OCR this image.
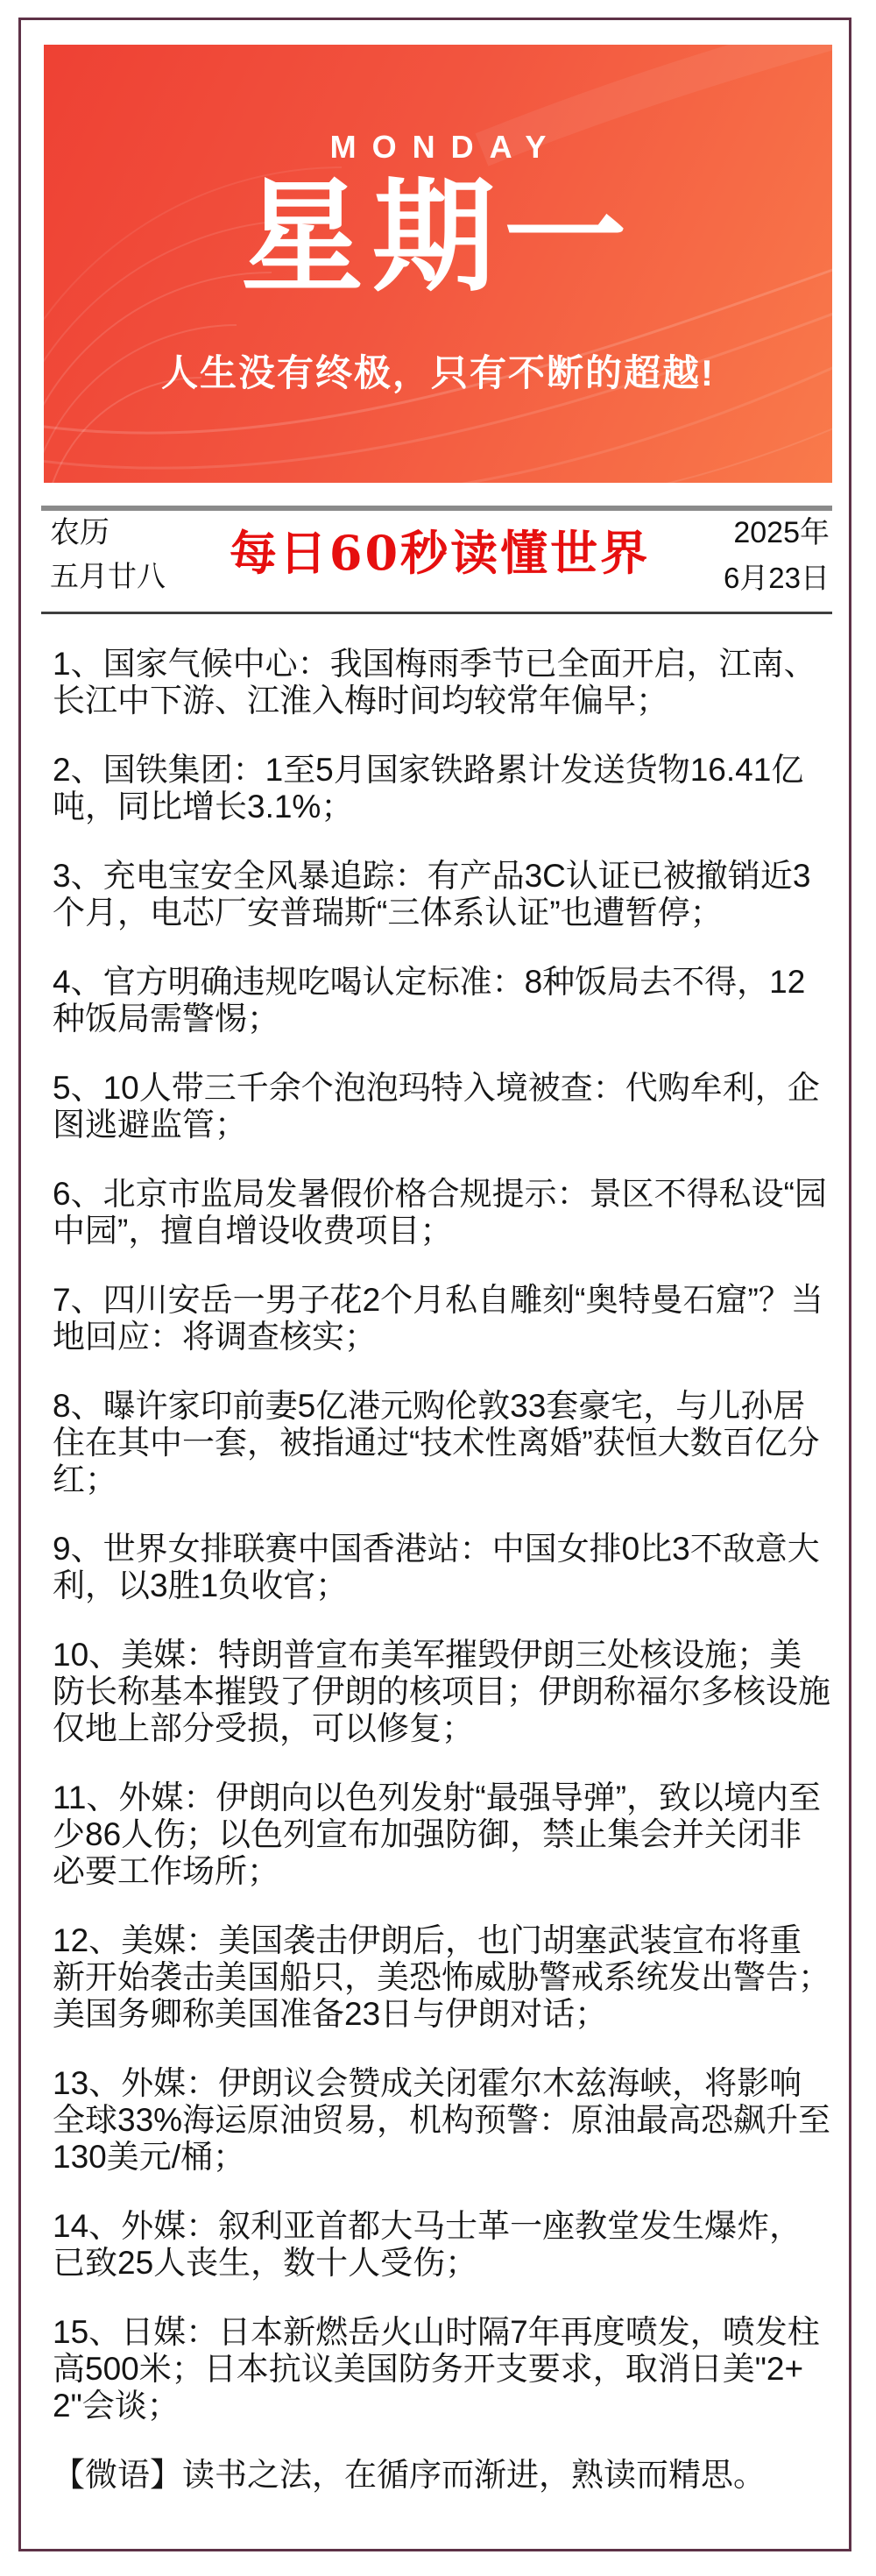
MONDAY
星期一
人生没有终极，只有不断的超越!
农历
五月廿八
2025年
6月23日
每日60秒读懂世界

1、国家气候中心：我国梅雨季节已全面开启，江南、长江中下游、江淮入梅时间均较常年偏早；

2、国铁集团：1至5月国家铁路累计发送货物16.41亿吨，同比增长3.1%；

3、充电宝安全风暴追踪：有产品3C认证已被撤销近3个月，电芯厂安普瑞斯“三体系认证”也遭暂停；

4、官方明确违规吃喝认定标准：8种饭局去不得，12种饭局需警惕；

5、10人带三千余个泡泡玛特入境被查：代购牟利，企图逃避监管；

6、北京市监局发暑假价格合规提示：景区不得私设“园中园”，擅自增设收费项目；

7、四川安岳一男子花2个月私自雕刻“奥特曼石窟”？当地回应：将调查核实；

8、曝许家印前妻5亿港元购伦敦33套豪宅，与儿孙居住在其中一套，被指通过“技术性离婚”获恒大数百亿分红；

9、世界女排联赛中国香港站：中国女排0比3不敌意大利，以3胜1负收官；

10、美媒：特朗普宣布美军摧毁伊朗三处核设施；美防长称基本摧毁了伊朗的核项目；伊朗称福尔多核设施仅地上部分受损，可以修复；

11、外媒：伊朗向以色列发射“最强导弹”，致以境内至少86人伤；以色列宣布加强防御，禁止集会并关闭非必要工作场所；

12、美媒：美国袭击伊朗后，也门胡塞武装宣布将重新开始袭击美国船只，美恐怖威胁警戒系统发出警告；美国务卿称美国准备23日与伊朗对话；

13、外媒：伊朗议会赞成关闭霍尔木兹海峡，将影响全球33%海运原油贸易，机构预警：原油最高恐飙升至130美元/桶；

14、外媒：叙利亚首都大马士革一座教堂发生爆炸，已致25人丧生，数十人受伤；

15、日媒：日本新燃岳火山时隔7年再度喷发，喷发柱高500米；日本抗议美国防务开支要求，取消日美"2+2"会谈；

【微语】读书之法，在循序而渐进，熟读而精思。
